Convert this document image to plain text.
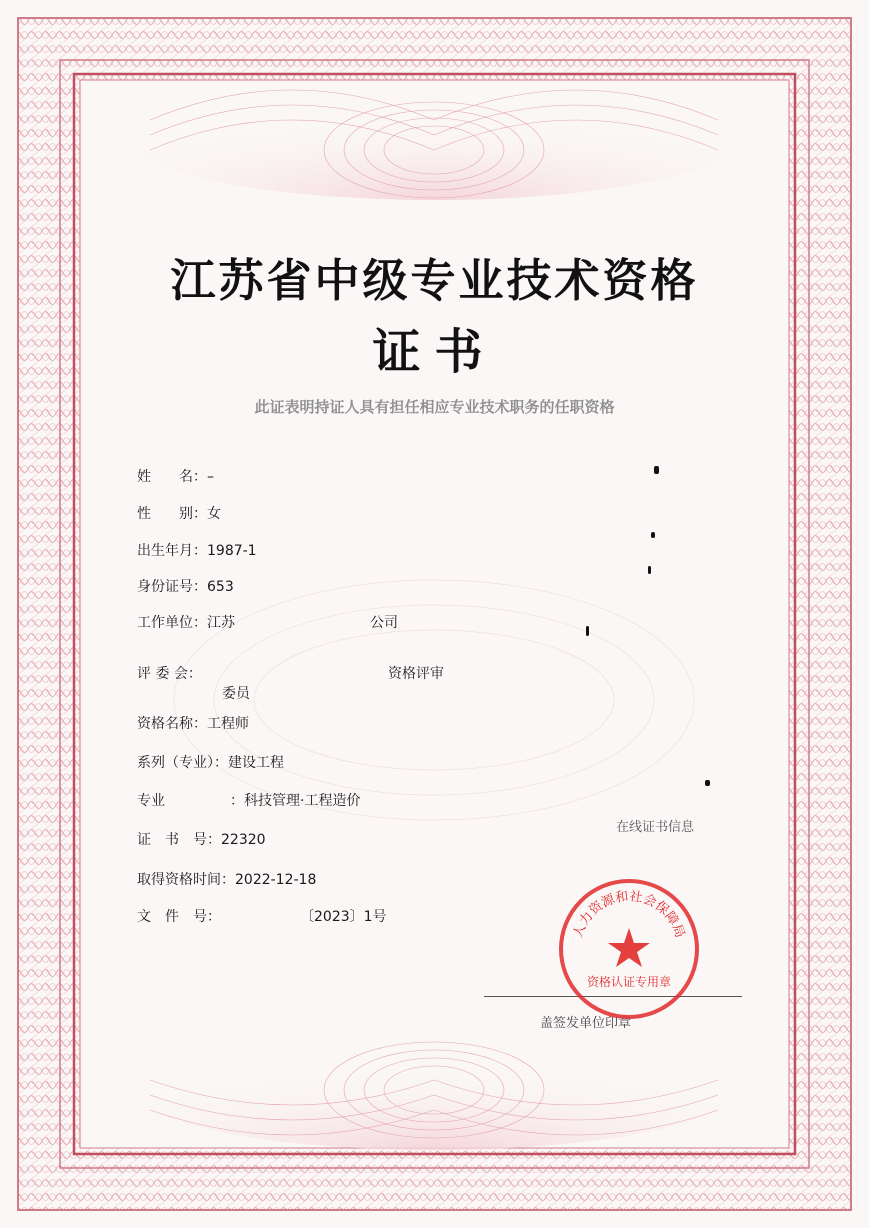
江苏省中级专业技术资格
证书
此证表明持证人具有担任相应专业技术职务的任职资格
姓　　名：–
性　　别：女
出生年月：1987-1
身份证号：653
工作单位：江苏	公司
评 委 会：	资格评审
委员
资格名称：工程师
系列（专业）：建设工程
专业	：科技管理·工程造价
证　书　号：22320
取得资格时间：2022-12-18
文　件　号：	〔2023〕1号
在线证书信息
盖签发单位印章
人
力
资
源
和 社
会
保
障
局
资格认证专用章
